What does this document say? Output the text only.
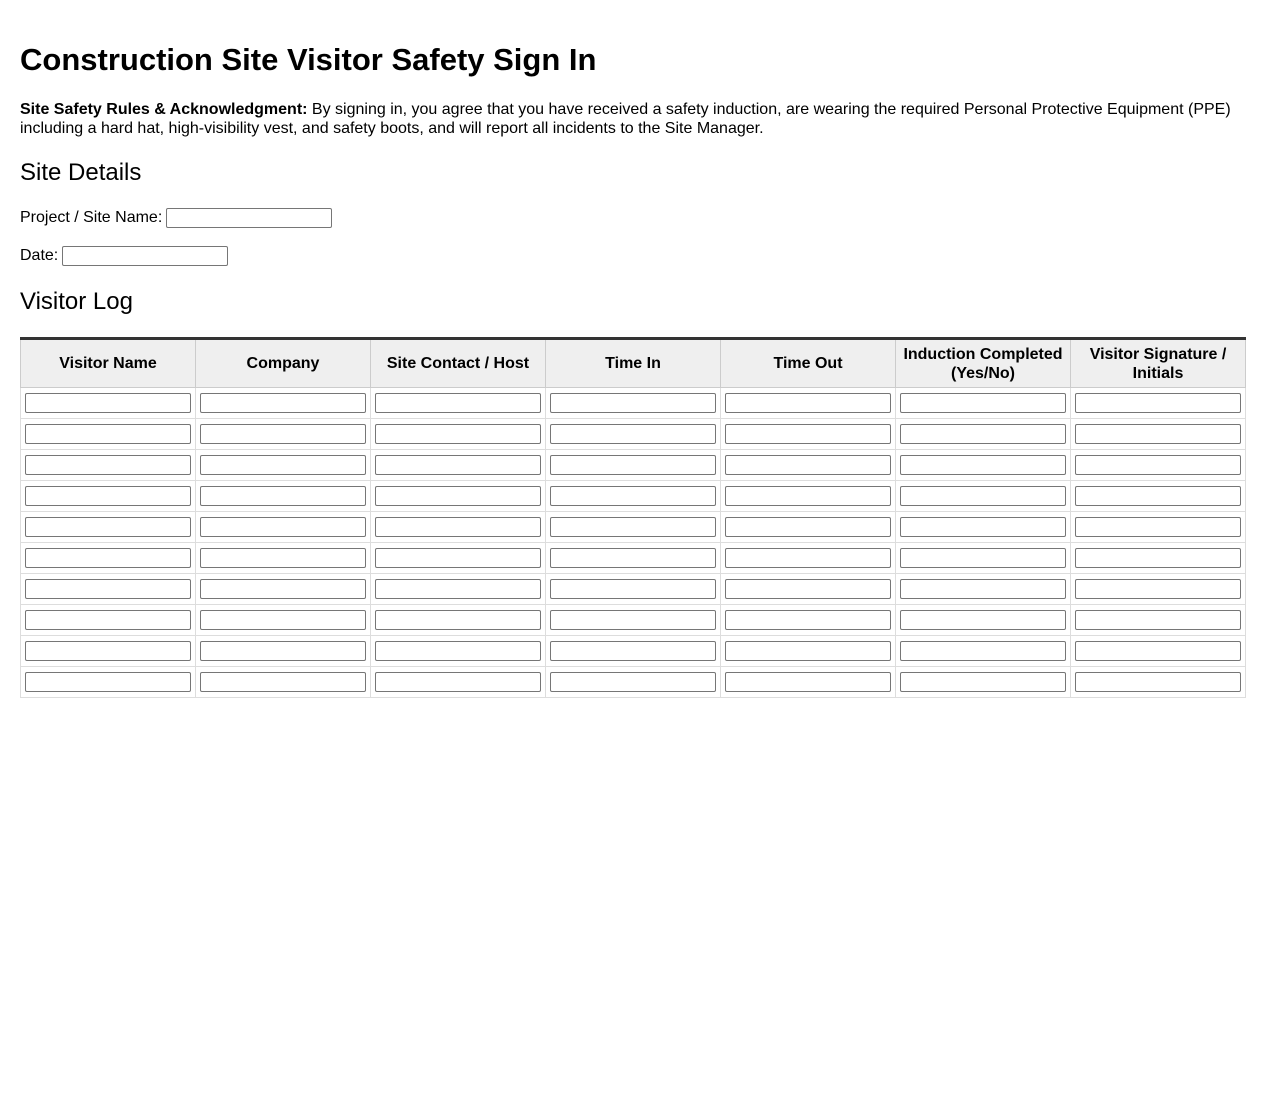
Construction Site Visitor Safety Sign In

Site Safety Rules & Acknowledgment: By signing in, you agree that you have received a safety induction, are wearing the required Personal Protective Equipment (PPE) including a hard hat, high-visibility vest, and safety boots, and will report all incidents to the Site Manager.

Site Details
Project / Site Name:
Date:
Visitor Log
Visitor Name	Company	Site Contact / Host	Time In	Time Out	Induction Completed (Yes/No)	Visitor Signature / Initials
